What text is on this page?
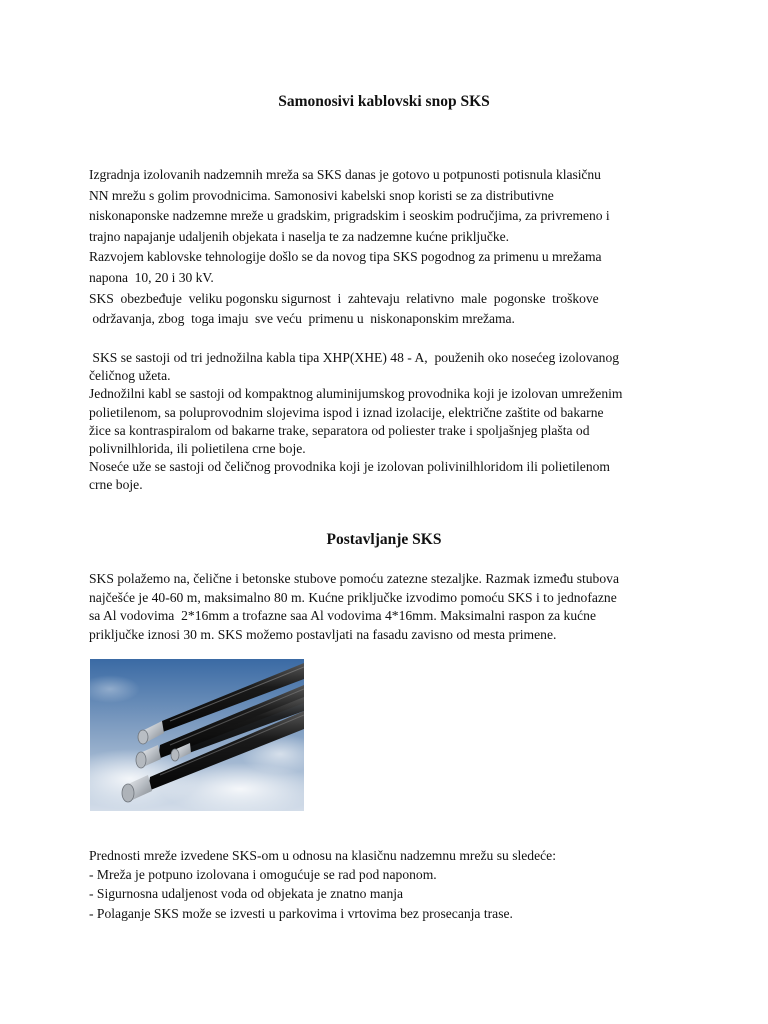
Samonosivi kablovski snop SKS

Izgradnja izolovanih nadzemnih mreža sa SKS danas je gotovo u potpunosti potisnula klasičnu

NN mrežu s golim provodnicima. Samonosivi kabelski snop koristi se za distributivne

niskonaponske nadzemne mreže u gradskim, prigradskim i seoskim područjima, za privremeno i

trajno napajanje udaljenih objekata i naselja te za nadzemne kućne priključke.

Razvojem kablovske tehnologije došlo se da novog tipa SKS pogodnog za primenu u mrežama

napona  10, 20 i 30 kV.

SKS  obezbeđuje  veliku pogonsku sigurnost  i  zahtevaju  relativno  male  pogonske  troškove

održavanja, zbog  toga imaju  sve veću  primenu u  niskonaponskim mrežama.

SKS se sastoji od tri jednožilna kabla tipa XHP(XHE) 48 - A,  použenih oko nosećeg izolovanog

čeličnog užeta.

Jednožilni kabl se sastoji od kompaktnog aluminijumskog provodnika koji je izolovan umreženim

polietilenom, sa poluprovodnim slojevima ispod i iznad izolacije, električne zaštite od bakarne

žice sa kontraspiralom od bakarne trake, separatora od poliester trake i spoljašnjeg plašta od

polivnilhlorida, ili polietilena crne boje.

Noseće uže se sastoji od čeličnog provodnika koji je izolovan polivinilhloridom ili polietilenom

crne boje.

Postavljanje SKS

SKS polažemo na, čelične i betonske stubove pomoću zatezne stezaljke. Razmak između stubova

najčešće je 40-60 m, maksimalno 80 m. Kućne priključke izvodimo pomoću SKS i to jednofazne

sa Al vodovima  2*16mm a trofazne saa Al vodovima 4*16mm. Maksimalni raspon za kućne

priključke iznosi 30 m. SKS možemo postavljati na fasadu zavisno od mesta primene.

Prednosti mreže izvedene SKS-om u odnosu na klasičnu nadzemnu mrežu su sledeće:

- Mreža je potpuno izolovana i omogućuje se rad pod naponom.

- Sigurnosna udaljenost voda od objekata je znatno manja

- Polaganje SKS može se izvesti u parkovima i vrtovima bez prosecanja trase.
